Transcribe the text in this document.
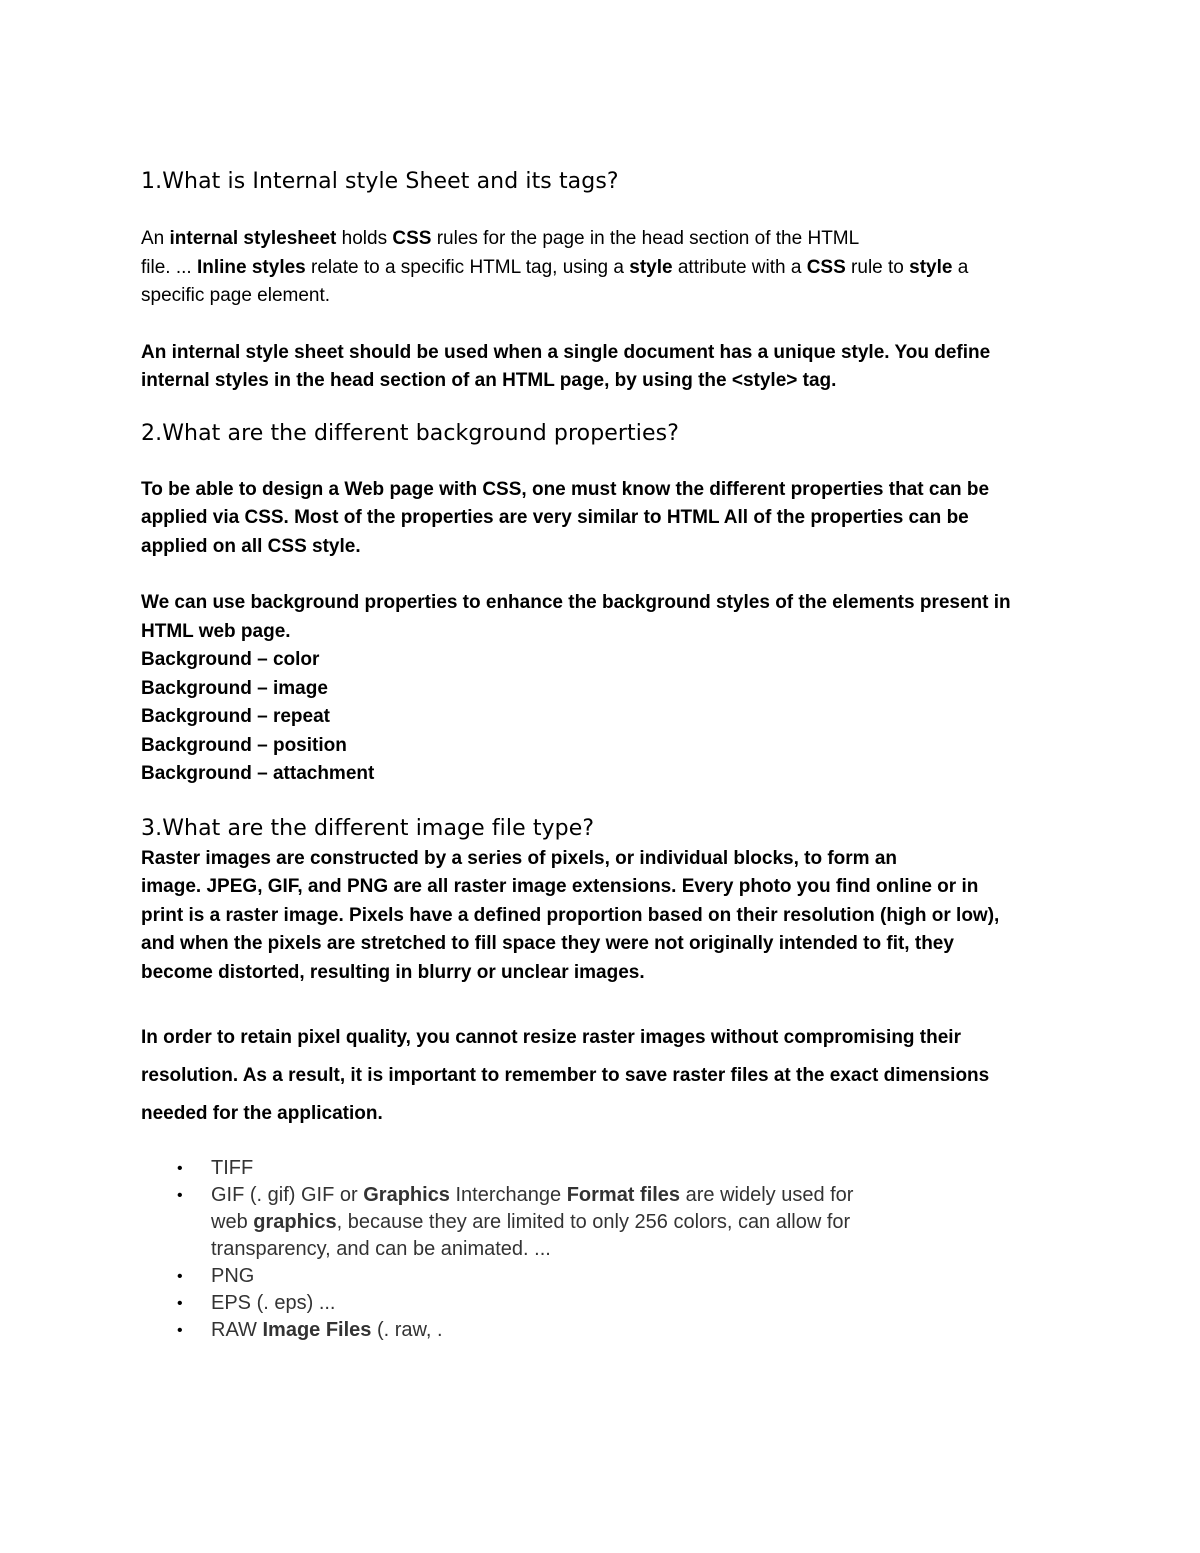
1.What is Internal style Sheet and its tags?

An internal stylesheet holds CSS rules for the page in the head section of the HTML
file. ... Inline styles relate to a specific HTML tag, using a style attribute with a CSS rule to style a
specific page element.

An internal style sheet should be used when a single document has a unique style. You define
internal styles in the head section of an HTML page, by using the <style> tag.

2.What are the different background properties?

To be able to design a Web page with CSS, one must know the different properties that can be
applied via CSS. Most of the properties are very similar to HTML All of the properties can be
applied on all CSS style.

We can use background properties to enhance the background styles of the elements present in
HTML web page.

Background – color
Background – image
Background – repeat
Background – position
Background – attachment
3.What are the different image file type?

Raster images are constructed by a series of pixels, or individual blocks, to form an
image. JPEG, GIF, and PNG are all raster image extensions. Every photo you find online or in
print is a raster image. Pixels have a defined proportion based on their resolution (high or low),
and when the pixels are stretched to fill space they were not originally intended to fit, they
become distorted, resulting in blurry or unclear images.

In order to retain pixel quality, you cannot resize raster images without compromising their
resolution. As a result, it is important to remember to save raster files at the exact dimensions
needed for the application.

• TIFF
• GIF (. gif) GIF or Graphics Interchange Format files are widely used for
web graphics, because they are limited to only 256 colors, can allow for
transparency, and can be animated. ...
• PNG
• EPS (. eps) ...
• RAW Image Files (. raw, .
